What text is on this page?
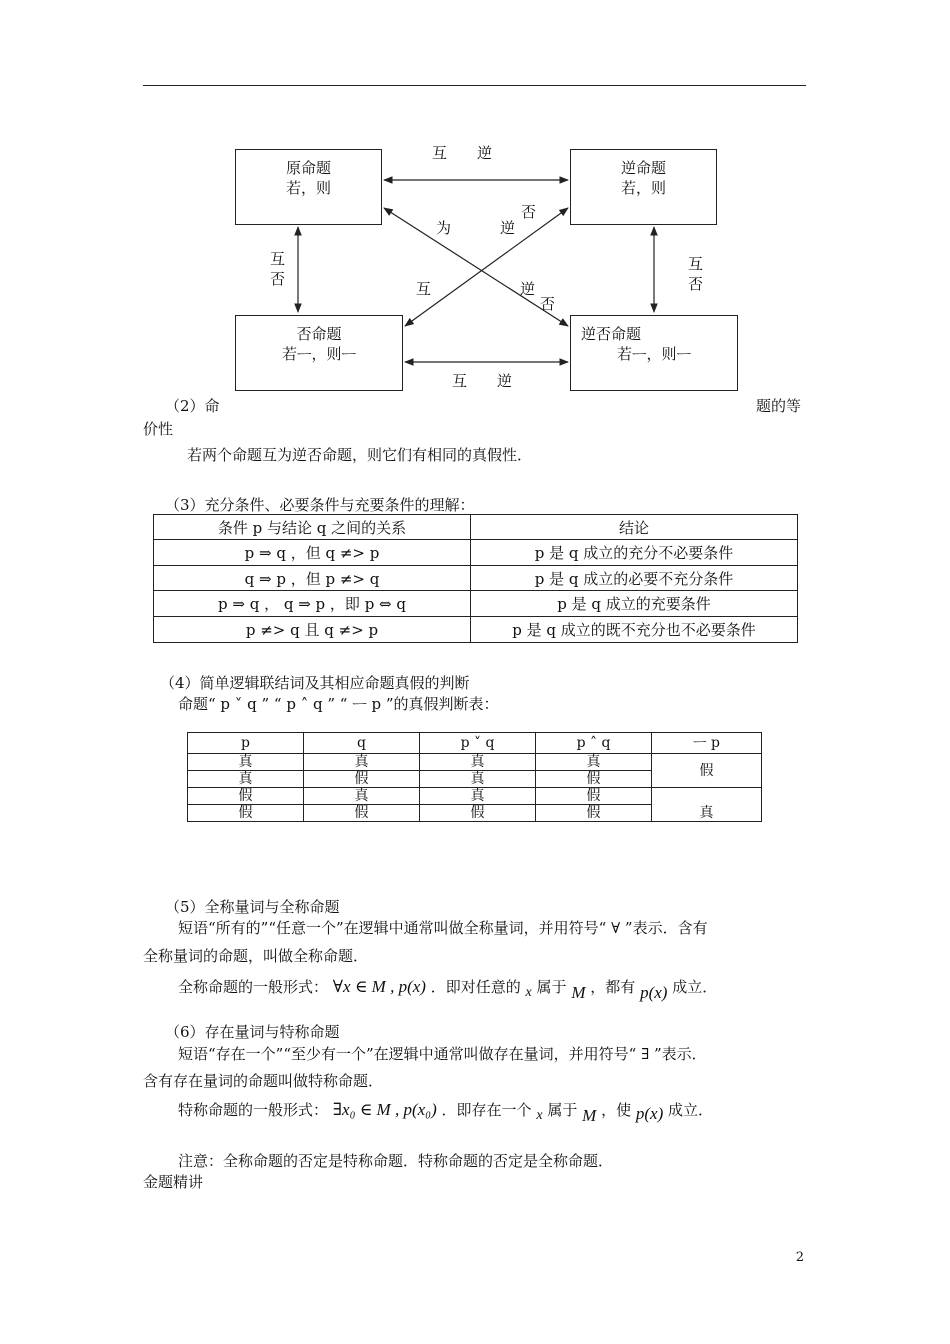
原命题
若，则
逆命题
若，则
否命题
若ᅳ，则ᅳ
逆否命题
若ᅳ，则ᅳ
互　　逆
互　　逆
互
否
互
否
为	逆
否
互	逆
否
（2）命	题的等
价性
若两个命题互为逆否命题，则它们有相同的真假性．
（3）充分条件、必要条件与充要条件的理解：
条件 p 与结论 q 之间的关系	结论
p ⇒ q ，但 q ≠> p	p 是 q 成立的充分不必要条件
q ⇒ p ，但 p ≠> q	p 是 q 成立的必要不充分条件
p ⇒ q ， q ⇒ p ，即 p ⇔ q	p 是 q 成立的充要条件
p ≠> q 且 q ≠> p	p 是 q 成立的既不充分也不必要条件
（4）简单逻辑联结词及其相应命题真假的判断
命题“ p ˅ q ” “ p ˄ q ” “ ᅳ p ”的真假判断表：
p	q	p ˅ q	p ˄ q	ᅳ p
真	真	真	真	假
真	假	真	假	
假	真	真	假	真
假	假	假	假	
（5）全称量词与全称命题
短语“所有的”“任意一个”在逻辑中通常叫做全称量词，并用符号“ ∀ ”表示．含有
全称量词的命题，叫做全称命题．
全称命题的一般形式： ∀x ∈ M , p(x) ．即对任意的 x 属于 M ，都有 p(x) 成立．
（6）存在量词与特称命题
短语“存在一个”“至少有一个”在逻辑中通常叫做存在量词，并用符号“ ∃ ”表示．
含有存在量词的命题叫做特称命题．
特称命题的一般形式： ∃x₀ ∈ M , p(x₀) ．即存在一个 x 属于 M ，使 p(x) 成立．
注意：全称命题的否定是特称命题．特称命题的否定是全称命题．
金题精讲
2
